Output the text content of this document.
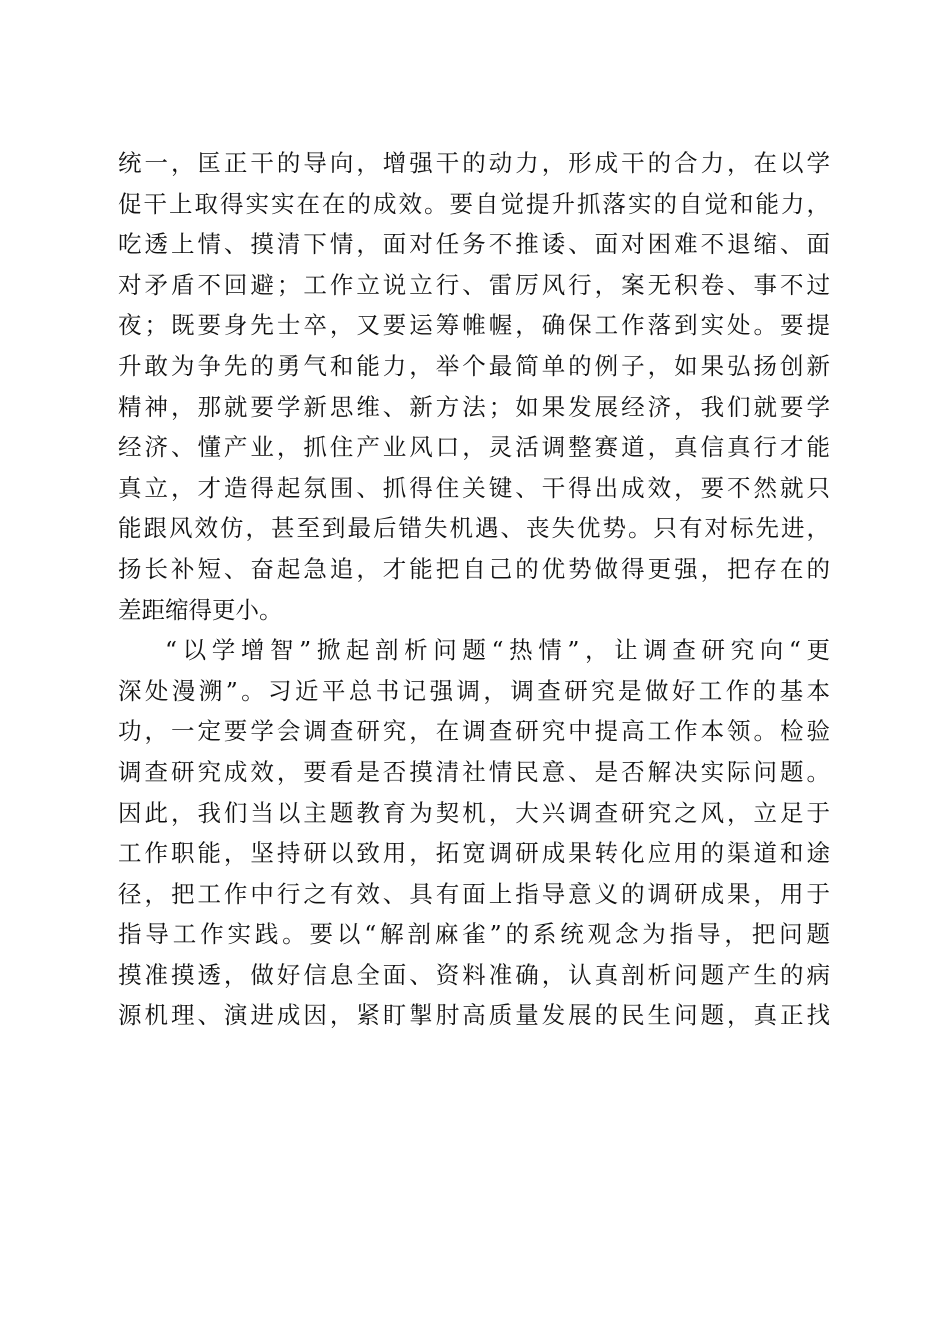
统一，匡正干的导向，增强干的动力，形成干的合力，在以学
促干上取得实实在在的成效。要自觉提升抓落实的自觉和能力，
吃透上情、摸清下情，面对任务不推诿、面对困难不退缩、面
对矛盾不回避；工作立说立行、雷厉风行，案无积卷、事不过
夜；既要身先士卒，又要运筹帷幄，确保工作落到实处。要提
升敢为争先的勇气和能力，举个最简单的例子，如果弘扬创新
精神，那就要学新思维、新方法；如果发展经济，我们就要学
经济、懂产业，抓住产业风口，灵活调整赛道，真信真行才能
真立，才造得起氛围、抓得住关键、干得出成效，要不然就只
能跟风效仿，甚至到最后错失机遇、丧失优势。只有对标先进，
扬长补短、奋起急追，才能把自己的优势做得更强，把存在的
差距缩得更小。
“以学增智”掀起剖析问题“热情”，让调查研究向“更
深处漫溯”。习近平总书记强调，调查研究是做好工作的基本
功，一定要学会调查研究，在调查研究中提高工作本领。检验
调查研究成效，要看是否摸清社情民意、是否解决实际问题。
因此，我们当以主题教育为契机，大兴调查研究之风，立足于
工作职能，坚持研以致用，拓宽调研成果转化应用的渠道和途
径，把工作中行之有效、具有面上指导意义的调研成果，用于
指导工作实践。要以“解剖麻雀”的系统观念为指导，把问题
摸准摸透，做好信息全面、资料准确，认真剖析问题产生的病
源机理、演进成因，紧盯掣肘高质量发展的民生问题，真正找
